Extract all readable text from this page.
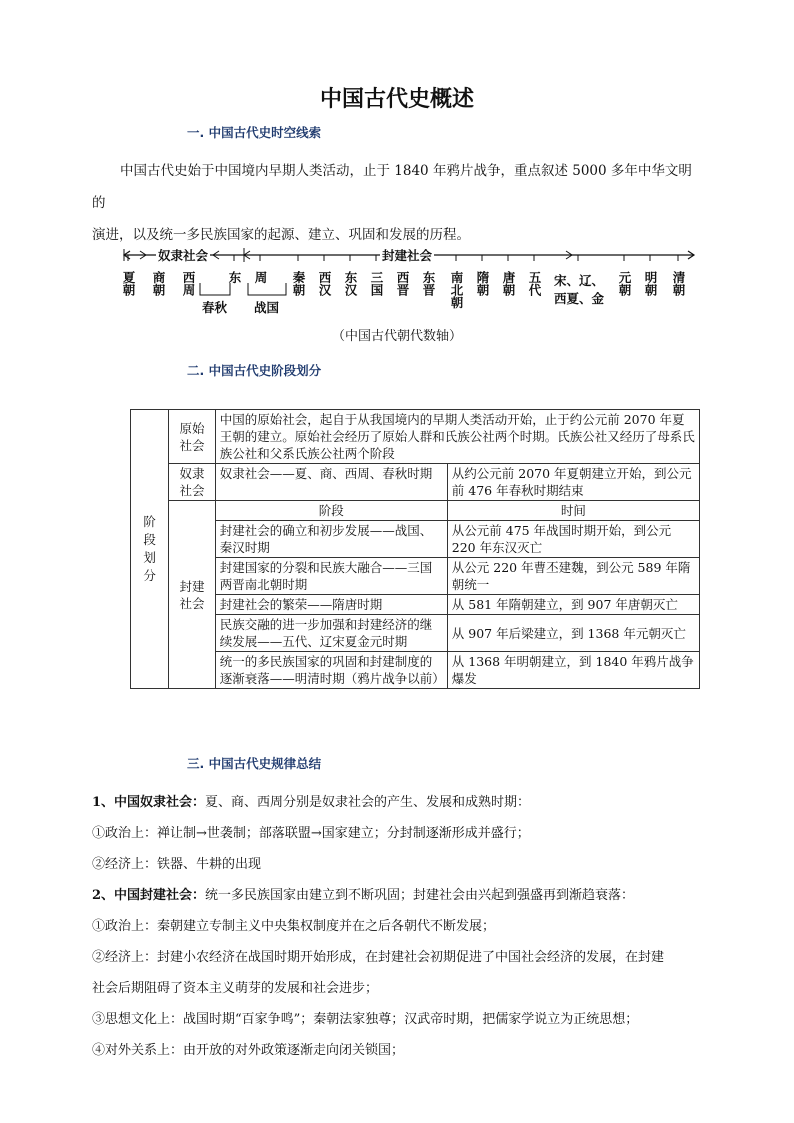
中国古代史概述
一. 中国古代史时空线索
中国古代史始于中国境内早期人类活动，止于 1840 年鸦片战争，重点叙述 5000 多年中华文明的
演进，以及统一多民族国家的起源、建立、巩固和发展的历程。
奴隶社会	封建社会
夏朝 商朝 西周 东 周 秦朝 西汉 东汉 三国 西晋 东晋 南北朝 隋朝 唐朝 五代 宋、辽、
西夏、金
元朝 明朝 清朝
春秋 战国
（中国古代朝代数轴）
二. 中国古代史阶段划分
阶段划分	原始社会	中国的原始社会，起自于从我国境内的早期人类活动开始，止于约公元前 2070 年夏王朝的建立。原始社会经历了原始人群和氏族公社两个时期。氏族公社又经历了母系氏族公社和父系氏族公社两个阶段	

	奴隶社会	奴隶社会——夏、商、西周、春秋时期	从约公元前 2070 年夏朝建立开始，到公元前 476 年春秋时期结束

	封建社会	阶段	时间
		封建社会的确立和初步发展——战国、秦汉时期	从公元前 475 年战国时期开始，到公元 220 年东汉灭亡
		封建国家的分裂和民族大融合——三国两晋南北朝时期	从公元 220 年曹丕建魏，到公元 589 年隋朝统一
		封建社会的繁荣——隋唐时期	从 581 年隋朝建立，到 907 年唐朝灭亡
		民族交融的进一步加强和封建经济的继续发展——五代、辽宋夏金元时期	从 907 年后梁建立，到 1368 年元朝灭亡
		统一的多民族国家的巩固和封建制度的逐渐衰落——明清时期（鸦片战争以前）	从 1368 年明朝建立，到 1840 年鸦片战争爆发
三. 中国古代史规律总结

1、中国奴隶社会：夏、商、西周分别是奴隶社会的产生、发展和成熟时期：

①政治上：禅让制→世袭制；部落联盟→国家建立；分封制逐渐形成并盛行；

②经济上：铁器、牛耕的出现

2、中国封建社会：统一多民族国家由建立到不断巩固；封建社会由兴起到强盛再到渐趋衰落：

①政治上：秦朝建立专制主义中央集权制度并在之后各朝代不断发展；

②经济上：封建小农经济在战国时期开始形成，在封建社会初期促进了中国社会经济的发展，在封建

社会后期阻碍了资本主义萌芽的发展和社会进步；

③思想文化上：战国时期“百家争鸣”；秦朝法家独尊；汉武帝时期，把儒家学说立为正统思想；

④对外关系上：由开放的对外政策逐渐走向闭关锁国；
